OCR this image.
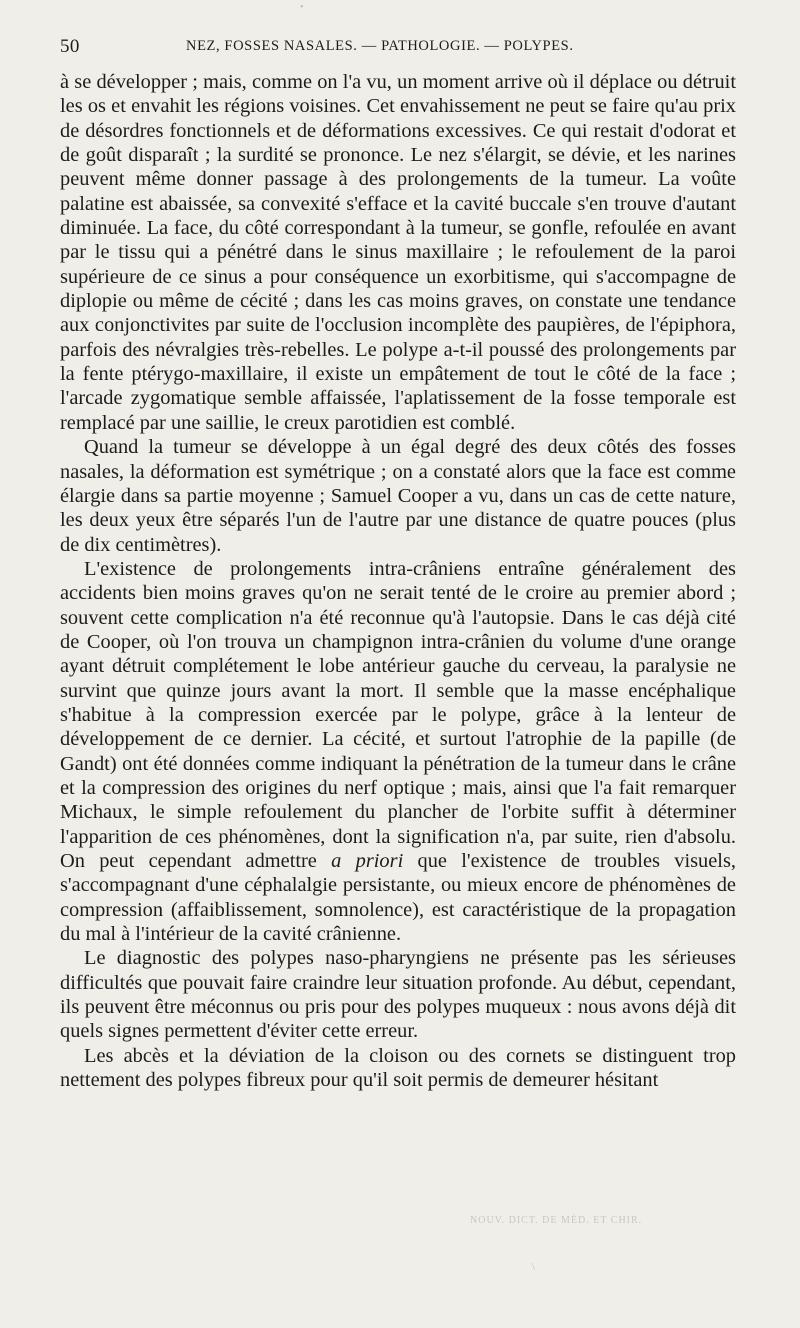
50	NEZ, FOSSES NASALES. — PATHOLOGIE. — POLYPES.

à se développer ; mais, comme on l'a vu, un moment arrive où il déplace ou détruit les os et envahit les régions voisines. Cet envahissement ne peut se faire qu'au prix de désordres fonctionnels et de déformations excessives. Ce qui restait d'odorat et de goût disparaît ; la surdité se prononce. Le nez s'élargit, se dévie, et les narines peuvent même donner passage à des prolongements de la tumeur. La voûte palatine est abaissée, sa convexité s'efface et la cavité buccale s'en trouve d'autant diminuée. La face, du côté correspondant à la tumeur, se gonfle, refoulée en avant par le tissu qui a pénétré dans le sinus maxillaire ; le refoulement de la paroi supérieure de ce sinus a pour conséquence un exorbitisme, qui s'accompagne de diplopie ou même de cécité ; dans les cas moins graves, on constate une tendance aux conjonctivites par suite de l'occlusion incomplète des paupières, de l'épiphora, parfois des névralgies très-rebelles. Le polype a-t-il poussé des prolongements par la fente ptérygo-maxillaire, il existe un empâtement de tout le côté de la face ; l'arcade zygomatique semble affaissée, l'aplatissement de la fosse temporale est remplacé par une saillie, le creux parotidien est comblé.

Quand la tumeur se développe à un égal degré des deux côtés des fosses nasales, la déformation est symétrique ; on a constaté alors que la face est comme élargie dans sa partie moyenne ; Samuel Cooper a vu, dans un cas de cette nature, les deux yeux être séparés l'un de l'autre par une distance de quatre pouces (plus de dix centimètres).

L'existence de prolongements intra-crâniens entraîne généralement des accidents bien moins graves qu'on ne serait tenté de le croire au premier abord ; souvent cette complication n'a été reconnue qu'à l'autopsie. Dans le cas déjà cité de Cooper, où l'on trouva un champignon intra-crânien du volume d'une orange ayant détruit complétement le lobe antérieur gauche du cerveau, la paralysie ne survint que quinze jours avant la mort. Il semble que la masse encéphalique s'habitue à la compression exercée par le polype, grâce à la lenteur de développement de ce dernier. La cécité, et surtout l'atrophie de la papille (de Gandt) ont été données comme indiquant la pénétration de la tumeur dans le crâne et la compression des origines du nerf optique ; mais, ainsi que l'a fait remarquer Michaux, le simple refoulement du plancher de l'orbite suffit à déterminer l'apparition de ces phénomènes, dont la signification n'a, par suite, rien d'absolu. On peut cependant admettre a priori que l'existence de troubles visuels, s'accompagnant d'une céphalalgie persistante, ou mieux encore de phénomènes de compression (affaiblissement, somnolence), est caractéristique de la propagation du mal à l'intérieur de la cavité crânienne.

Le diagnostic des polypes naso-pharyngiens ne présente pas les sérieuses difficultés que pouvait faire craindre leur situation profonde. Au début, cependant, ils peuvent être méconnus ou pris pour des polypes muqueux : nous avons déjà dit quels signes permettent d'éviter cette erreur.

Les abcès et la déviation de la cloison ou des cornets se distinguent trop nettement des polypes fibreux pour qu'il soit permis de demeurer hésitant

NOUV. DICT. DE MÉD. ET CHIR.
•
\
